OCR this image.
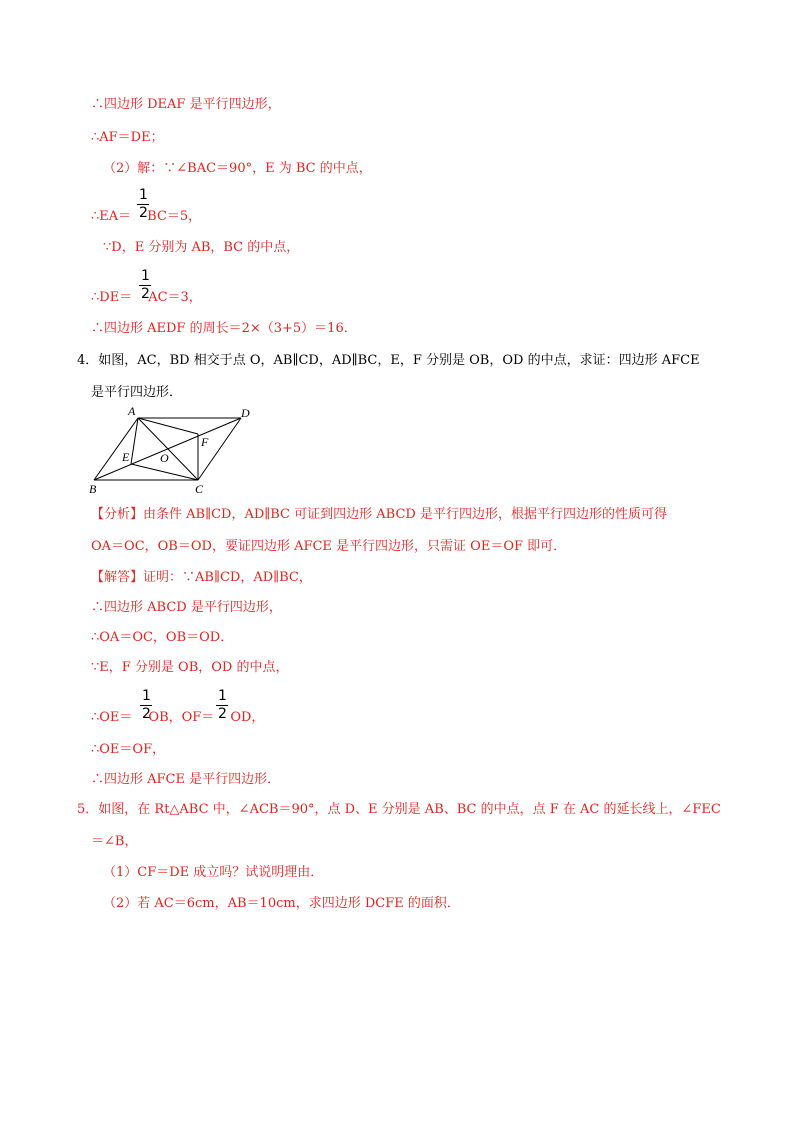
∴四边形 DEAF 是平行四边形，
∴AF＝DE；
（2）解：∵∠BAC＝90°，E 为 BC 的中点，
∴EA＝ BC＝5，
1
2
∵D，E 分别为 AB，BC 的中点，
∴DE＝ AC＝3，
1
2
∴四边形 AEDF 的周长＝2×（3+5）＝16．
4．如图，AC，BD 相交于点 O，AB∥CD，AD∥BC，E，F 分别是 OB，OD 的中点，求证：四边形 AFCE
是平行四边形．
A	D
F
E	O
B	C
【分析】由条件 AB∥CD，AD∥BC 可证到四边形 ABCD 是平行四边形，根据平行四边形的性质可得
OA＝OC，OB＝OD，要证四边形 AFCE 是平行四边形，只需证 OE＝OF 即可．
【解答】证明：∵AB∥CD，AD∥BC，
∴四边形 ABCD 是平行四边形，
∴OA＝OC，OB＝OD．
∵E，F 分别是 OB，OD 的中点，
∴OE＝ OB，OF＝ OD，
1
2
1
2
∴OE＝OF，
∴四边形 AFCE 是平行四边形．
5．如图，在 Rt△ABC 中，∠ACB＝90°，点 D、E 分别是 AB、BC 的中点，点 F 在 AC 的延长线上，∠FEC
＝∠B，
（1）CF＝DE 成立吗？试说明理由．
（2）若 AC＝6cm，AB＝10cm，求四边形 DCFE 的面积．
